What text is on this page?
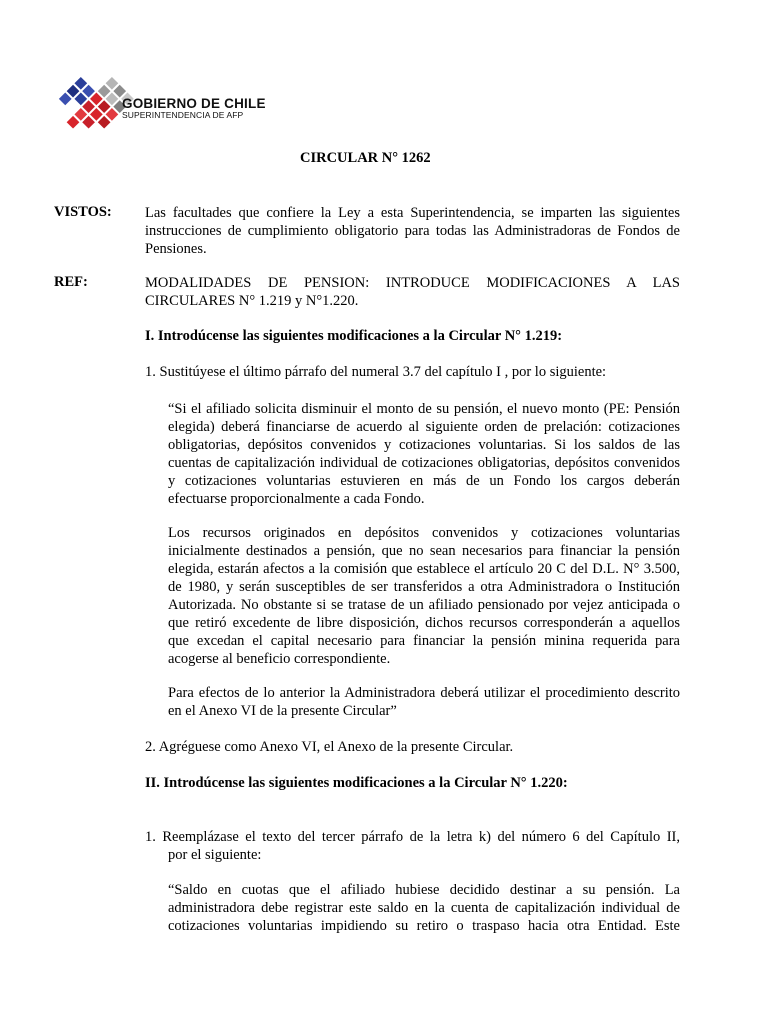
GOBIERNO DE CHILE
SUPERINTENDENCIA DE AFP
CIRCULAR N° 1262
VISTOS: Las facultades que confiere la Ley a esta Superintendencia, se imparten las siguientes
instrucciones de cumplimiento obligatorio para todas las Administradoras de Fondos de
Pensiones.
REF:	MODALIDADES DE PENSION: INTRODUCE MODIFICACIONES A LAS
CIRCULARES N° 1.219 y N°1.220.
I. Introdúcense las siguientes modificaciones a la Circular N° 1.219:
1. Sustitúyese el último párrafo del numeral 3.7 del capítulo I , por lo siguiente:
“Si el afiliado solicita disminuir el monto de su pensión, el nuevo monto (PE: Pensión
elegida) deberá financiarse de acuerdo al siguiente orden de prelación: cotizaciones
obligatorias, depósitos convenidos y cotizaciones voluntarias. Si los saldos de las
cuentas de capitalización individual de cotizaciones obligatorias, depósitos convenidos
y cotizaciones voluntarias estuvieren en más de un Fondo los cargos deberán
efectuarse proporcionalmente a cada Fondo.
Los recursos originados en depósitos convenidos y cotizaciones voluntarias
inicialmente destinados a pensión, que no sean necesarios para financiar la pensión
elegida, estarán afectos a la comisión que establece el artículo 20 C del D.L. N° 3.500,
de 1980, y serán susceptibles de ser transferidos a otra Administradora o Institución
Autorizada. No obstante si se tratase de un afiliado pensionado por vejez anticipada o
que retiró excedente de libre disposición, dichos recursos corresponderán a aquellos
que excedan el capital necesario para financiar la pensión minina requerida para
acogerse al beneficio correspondiente.
Para efectos de lo anterior la Administradora deberá utilizar el procedimiento descrito
en el Anexo VI de la presente Circular”
2. Agréguese como Anexo VI, el Anexo de la presente Circular.
II. Introdúcense las siguientes modificaciones a la Circular N° 1.220:
1. Reemplázase el texto del tercer párrafo de la letra k) del número 6 del Capítulo II,
por el siguiente:
“Saldo en cuotas que el afiliado hubiese decidido destinar a su pensión. La
administradora debe registrar este saldo en la cuenta de capitalización individual de
cotizaciones voluntarias impidiendo su retiro o traspaso hacia otra Entidad. Este
